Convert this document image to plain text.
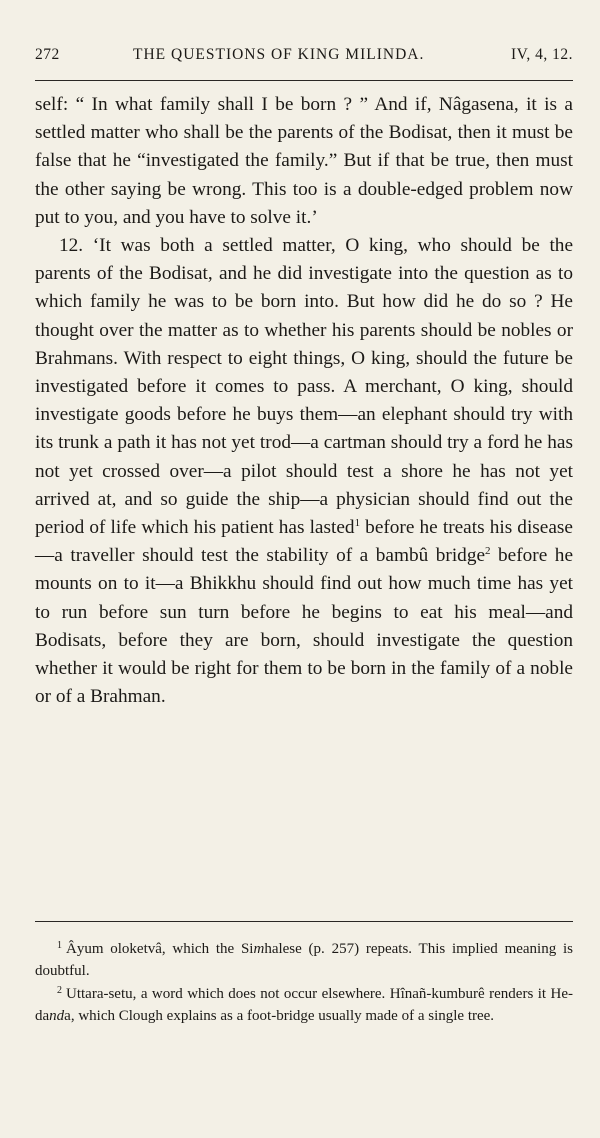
272	THE QUESTIONS OF KING MILINDA.	IV, 4, 12.

self: “ In what family shall I be born ? ” And if, Nâgasena, it is a settled matter who shall be the parents of the Bodisat, then it must be false that he “investigated the family.” But if that be true, then must the other saying be wrong. This too is a double-edged problem now put to you, and you have to solve it.’

12. ‘It was both a settled matter, O king, who should be the parents of the Bodisat, and he did investigate into the question as to which family he was to be born into. But how did he do so ? He thought over the matter as to whether his parents should be nobles or Brahmans. With respect to eight things, O king, should the future be investigated before it comes to pass. A merchant, O king, should investigate goods before he buys them—an elephant should try with its trunk a path it has not yet trod—a cartman should try a ford he has not yet crossed over—a pilot should test a shore he has not yet arrived at, and so guide the ship—a physician should find out the period of life which his patient has lasted$^1$ before he treats his disease—a traveller should test the stability of a bambû bridge$^2$ before he mounts on to it—a Bhikkhu should find out how much time has yet to run before sun turn before he begins to eat his meal—and Bodisats, before they are born, should investigate the question whether it would be right for them to be born in the family of a noble or of a Brahman.

$^1$ Âyum oloketvâ, which the Simhalese (p. 257) repeats. This implied meaning is doubtful.

$^2$ Uttara-setu, a word which does not occur elsewhere. Hînañ-kumburê renders it He-danda, which Clough explains as a foot-bridge usually made of a single tree.
